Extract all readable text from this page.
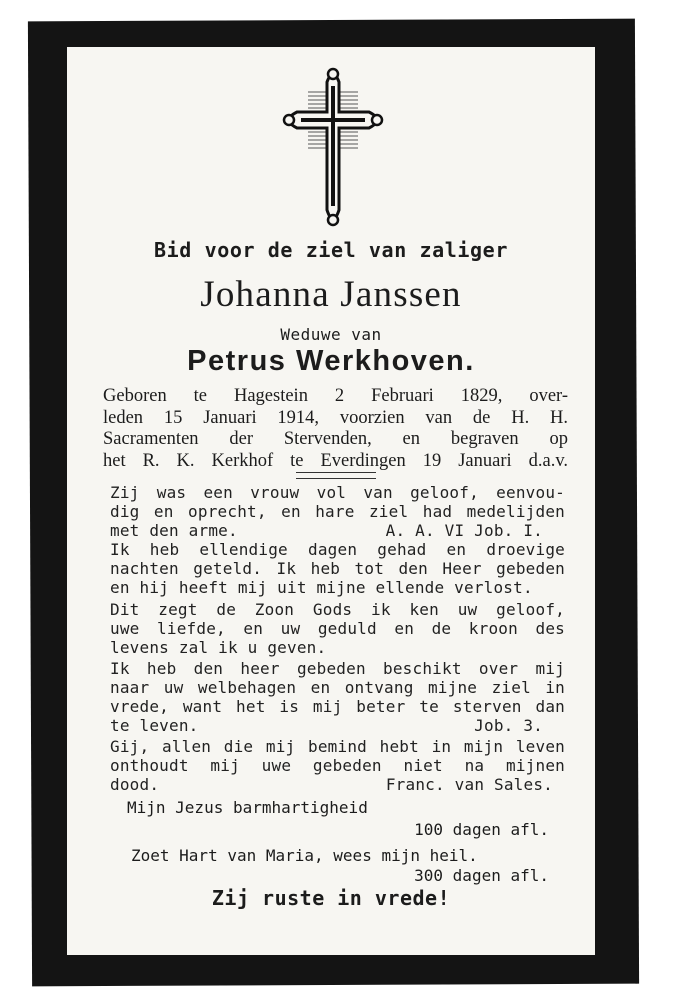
Bid voor de ziel van zaliger
Johanna Janssen
Weduwe van
Petrus Werkhoven.
Geboren te Hagestein 2 Februari 1829, over-
leden 15 Januari 1914, voorzien van de H. H.
Sacramenten der Stervenden, en begraven op
het R. K. Kerkhof te Everdingen 19 Januari d.a.v.
Zij was een vrouw vol van geloof, eenvou-
dig en oprecht, en hare ziel had medelijden
met den arme.	A. A. VI Job. I.
Ik heb ellendige dagen gehad en droevige
nachten geteld. Ik heb tot den Heer gebeden
en hij heeft mij uit mijne ellende verlost.
Dit zegt de Zoon Gods ik ken uw geloof,
uwe liefde, en uw geduld en de kroon des
levens zal ik u geven.
Ik heb den heer gebeden beschikt over mij
naar uw welbehagen en ontvang mijne ziel in
vrede, want het is mij beter te sterven dan
te leven.	Job. 3.
Gij, allen die mij bemind hebt in mijn leven
onthoudt mij uwe gebeden niet na mijnen
dood.	Franc. van Sales.
Mijn Jezus barmhartigheid
100 dagen afl.
Zoet Hart van Maria, wees mijn heil.
300 dagen afl.
Zij ruste in vrede!
